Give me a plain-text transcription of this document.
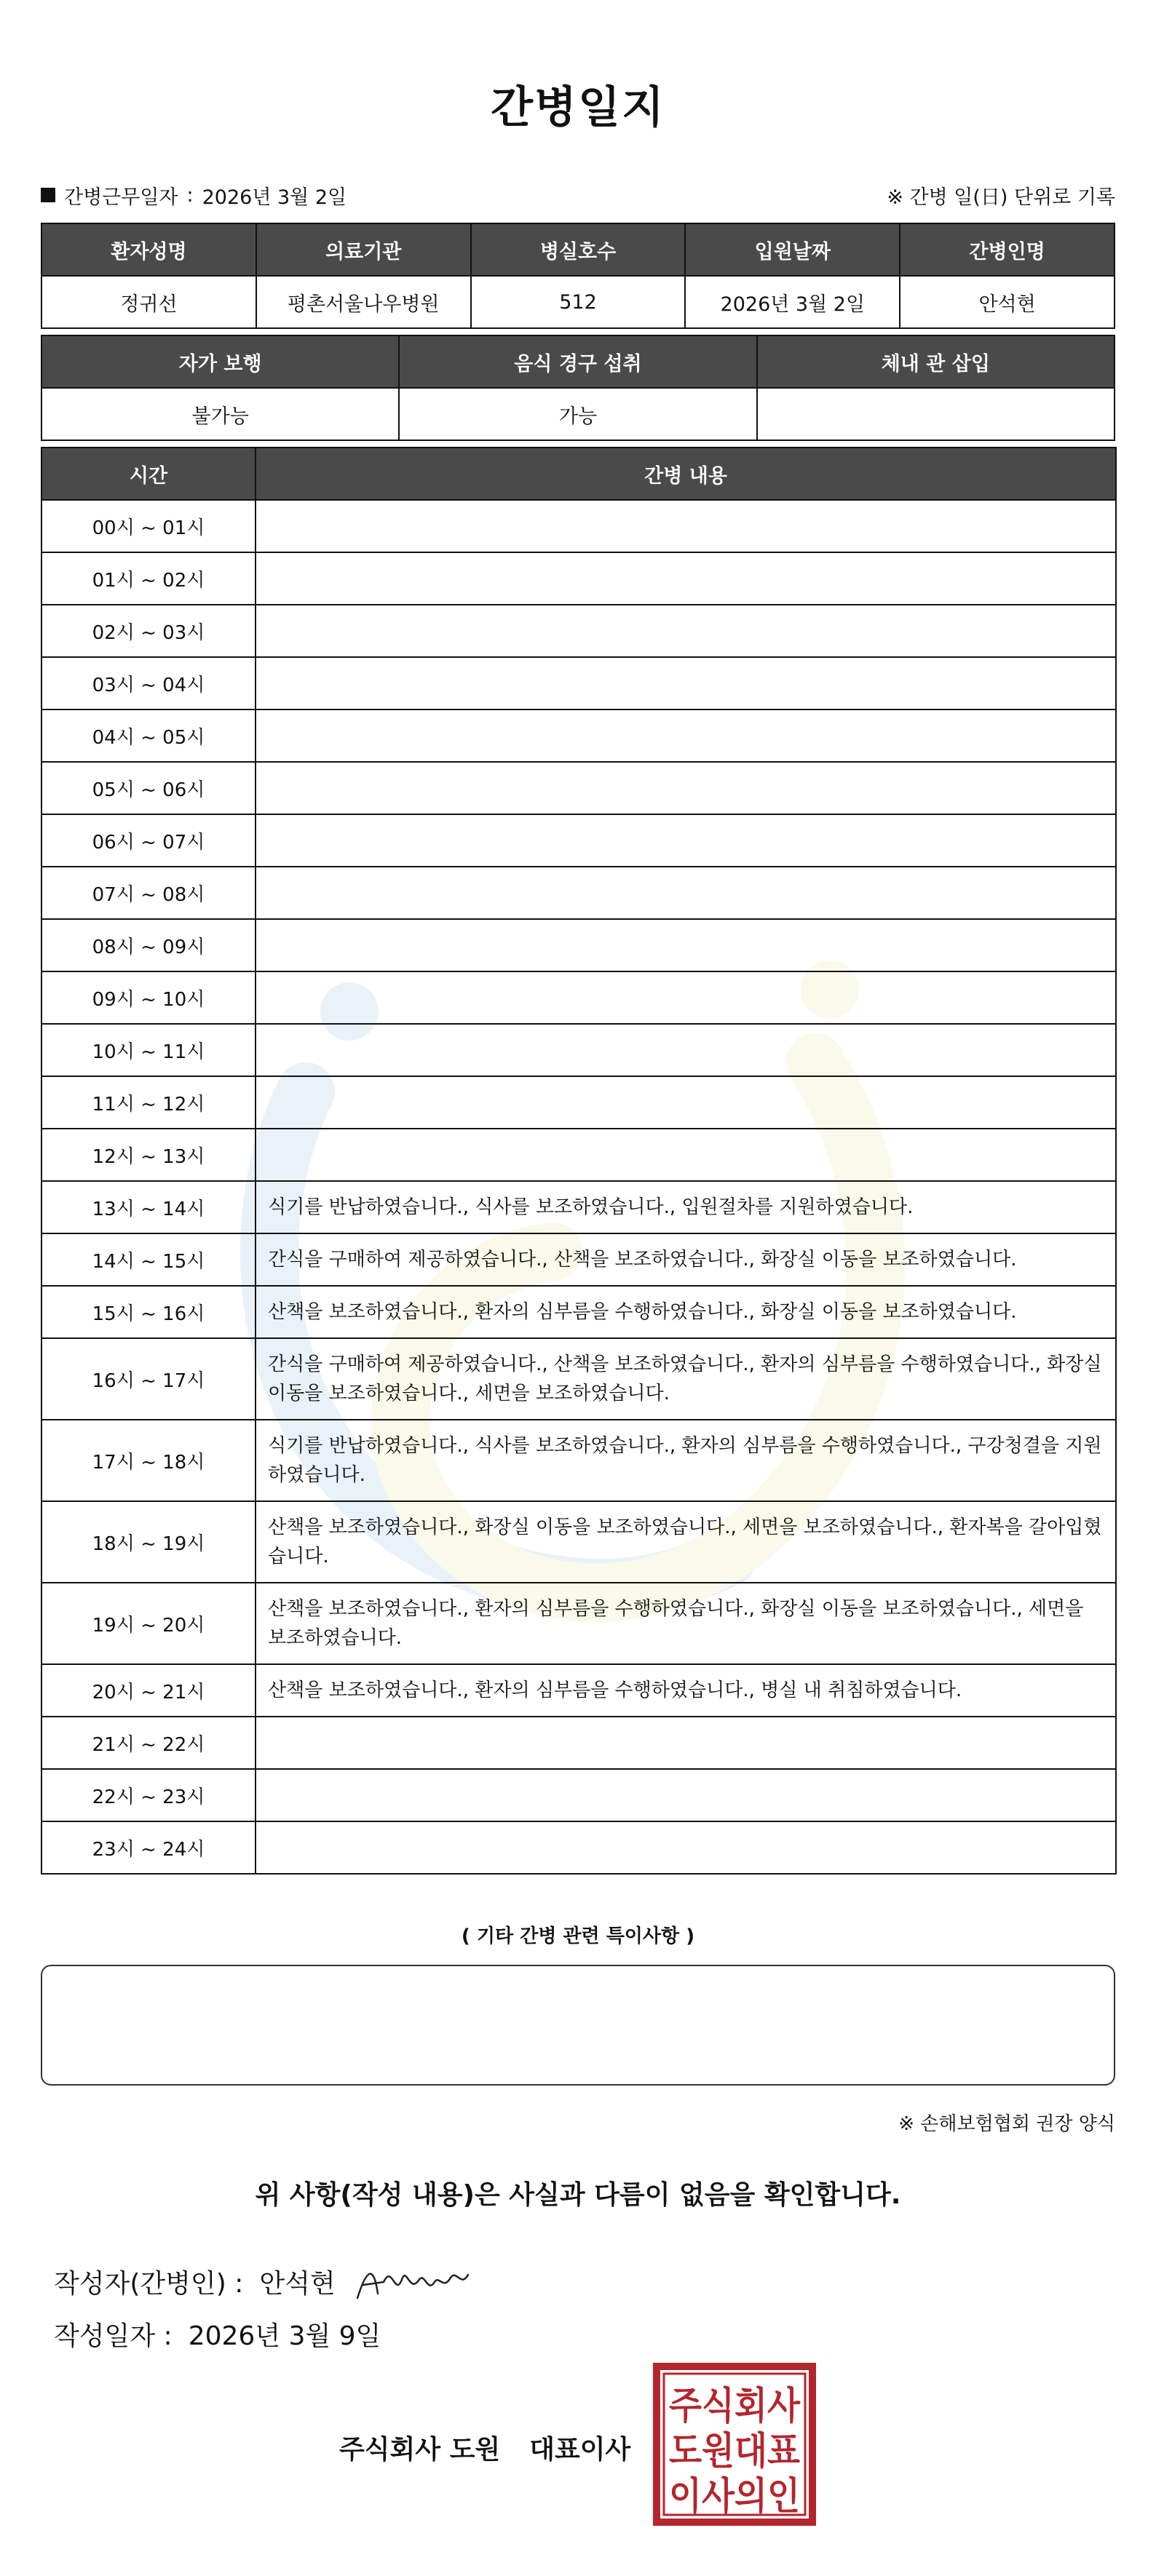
간병일지
간병근무일자 : 2026년 3월 2일	※ 간병 일(日) 단위로 기록
환자성명	의료기관	병실호수	입원날짜	간병인명
정귀선	평촌서울나우병원	512	2026년 3월 2일	안석현
자가 보행	음식 경구 섭취	체내 관 삽입
불가능	가능	
시간	간병 내용
00시 ~ 01시	
01시 ~ 02시	
02시 ~ 03시	
03시 ~ 04시	
04시 ~ 05시	
05시 ~ 06시	
06시 ~ 07시	
07시 ~ 08시	
08시 ~ 09시	
09시 ~ 10시	
10시 ~ 11시	
11시 ~ 12시	
12시 ~ 13시	
13시 ~ 14시	식기를 반납하였습니다., 식사를 보조하였습니다., 입원절차를 지원하였습니다.
14시 ~ 15시	간식을 구매하여 제공하였습니다., 산책을 보조하였습니다., 화장실 이동을 보조하였습니다.
15시 ~ 16시	산책을 보조하였습니다., 환자의 심부름을 수행하였습니다., 화장실 이동을 보조하였습니다.
16시 ~ 17시	간식을 구매하여 제공하였습니다., 산책을 보조하였습니다., 환자의 심부름을 수행하였습니다., 화장실 이동을 보조하였습니다., 세면을 보조하였습니다.
17시 ~ 18시	식기를 반납하였습니다., 식사를 보조하였습니다., 환자의 심부름을 수행하였습니다., 구강청결을 지원하였습니다.
18시 ~ 19시	산책을 보조하였습니다., 화장실 이동을 보조하였습니다., 세면을 보조하였습니다., 환자복을 갈아입혔습니다.
19시 ~ 20시	산책을 보조하였습니다., 환자의 심부름을 수행하였습니다., 화장실 이동을 보조하였습니다., 세면을 보조하였습니다.
20시 ~ 21시	산책을 보조하였습니다., 환자의 심부름을 수행하였습니다., 병실 내 취침하였습니다.
21시 ~ 22시	
22시 ~ 23시	
23시 ~ 24시	
( 기타 간병 관련 특이사항 )
※ 손해보험협회 권장 양식
위 사항(작성 내용)은 사실과 다름이 없음을 확인합니다.
작성자(간병인) : 안석현
작성일자 : 2026년 3월 9일
주식회사 도원 대표이사
주식회사
도원대표
이사의인
